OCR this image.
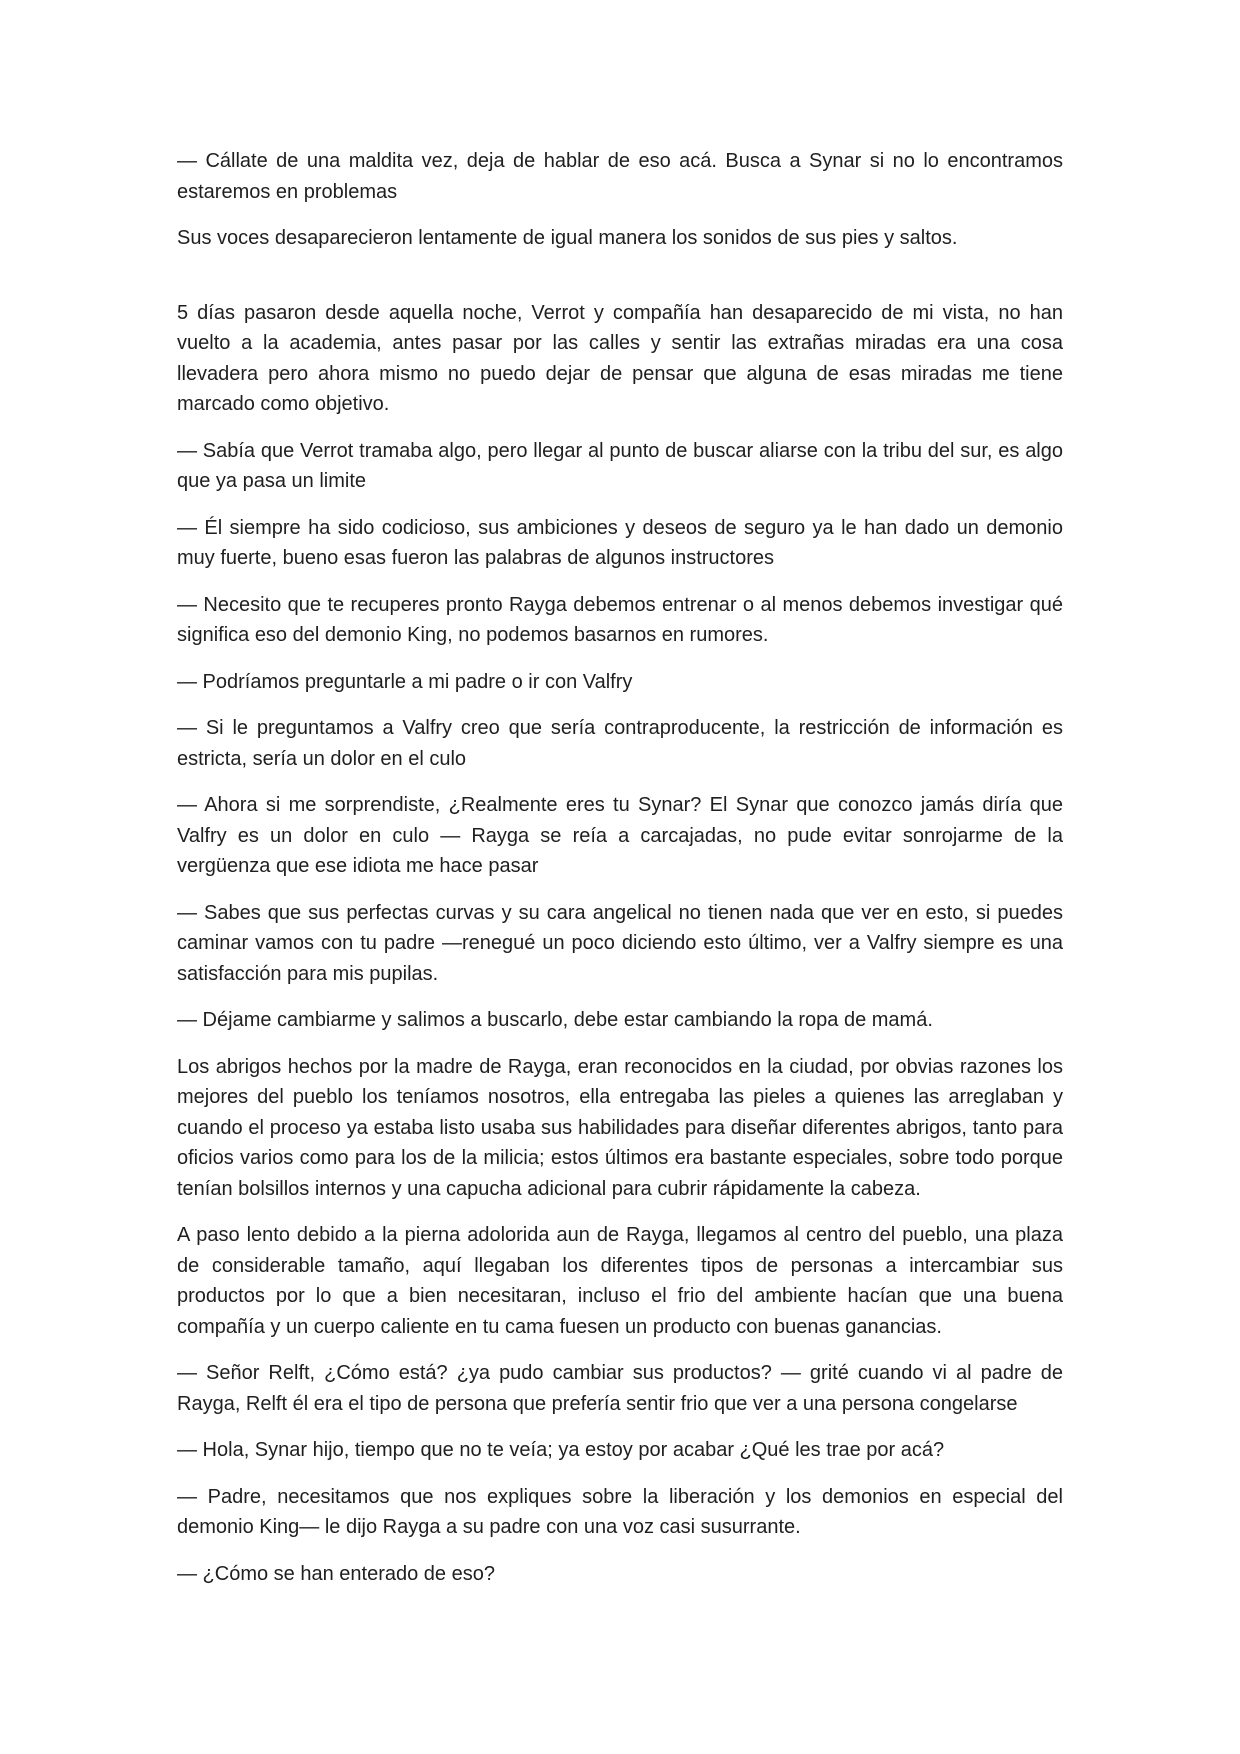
— Cállate de una maldita vez, deja de hablar de eso acá. Busca a Synar si no lo encontramos estaremos en problemas

Sus voces desaparecieron lentamente de igual manera los sonidos de sus pies y saltos.

5 días pasaron desde aquella noche, Verrot y compañía han desaparecido de mi vista, no han vuelto a la academia, antes pasar por las calles y sentir las extrañas miradas era una cosa llevadera pero ahora mismo no puedo dejar de pensar que alguna de esas miradas me tiene marcado como objetivo.

— Sabía que Verrot tramaba algo, pero llegar al punto de buscar aliarse con la tribu del sur, es algo que ya pasa un limite

— Él siempre ha sido codicioso, sus ambiciones y deseos de seguro ya le han dado un demonio muy fuerte, bueno esas fueron las palabras de algunos instructores

— Necesito que te recuperes pronto Rayga debemos entrenar o al menos debemos investigar qué significa eso del demonio King, no podemos basarnos en rumores.

— Podríamos preguntarle a mi padre o ir con Valfry

— Si le preguntamos a Valfry creo que sería contraproducente, la restricción de información es estricta, sería un dolor en el culo

— Ahora si me sorprendiste, ¿Realmente eres tu Synar? El Synar que conozco jamás diría que Valfry es un dolor en culo — Rayga se reía a carcajadas, no pude evitar sonrojarme de la vergüenza que ese idiota me hace pasar

— Sabes que sus perfectas curvas y su cara angelical no tienen nada que ver en esto, si puedes caminar vamos con tu padre —renegué un poco diciendo esto último, ver a Valfry siempre es una satisfacción para mis pupilas.

— Déjame cambiarme y salimos a buscarlo, debe estar cambiando la ropa de mamá.

Los abrigos hechos por la madre de Rayga, eran reconocidos en la ciudad, por obvias razones los mejores del pueblo los teníamos nosotros, ella entregaba las pieles a quienes las arreglaban y cuando el proceso ya estaba listo usaba sus habilidades para diseñar diferentes abrigos, tanto para oficios varios como para los de la milicia; estos últimos era bastante especiales, sobre todo porque tenían bolsillos internos y una capucha adicional para cubrir rápidamente la cabeza.

A paso lento debido a la pierna adolorida aun de Rayga, llegamos al centro del pueblo, una plaza de considerable tamaño, aquí llegaban los diferentes tipos de personas a intercambiar sus productos por lo que a bien necesitaran, incluso el frio del ambiente hacían que una buena compañía y un cuerpo caliente en tu cama fuesen un producto con buenas ganancias.

— Señor Relft, ¿Cómo está? ¿ya pudo cambiar sus productos? — grité cuando vi al padre de Rayga, Relft él era el tipo de persona que prefería sentir frio que ver a una persona congelarse

— Hola, Synar hijo, tiempo que no te veía; ya estoy por acabar ¿Qué les trae por acá?

— Padre, necesitamos que nos expliques sobre la liberación y los demonios en especial del demonio King— le dijo Rayga a su padre con una voz casi susurrante.

— ¿Cómo se han enterado de eso?
